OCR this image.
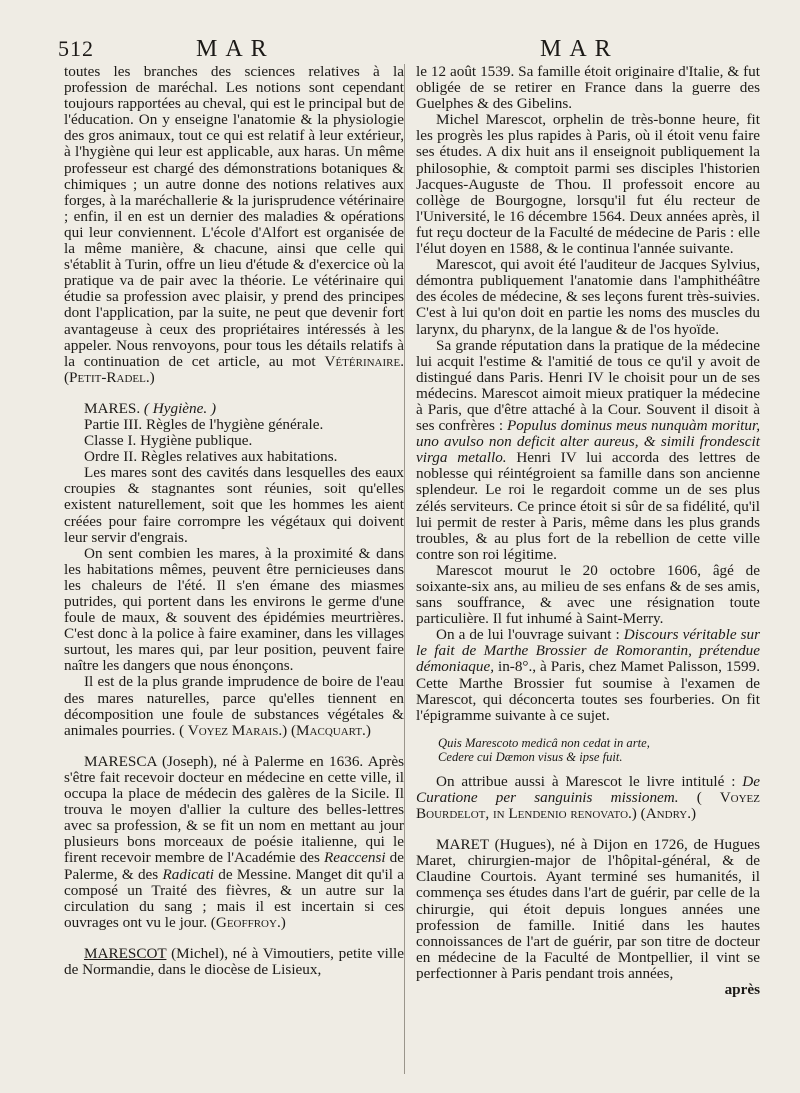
512	MAR	MAR

toutes les branches des sciences relatives à la profession de maréchal. Les notions sont cependant toujours rapportées au cheval, qui est le principal but de l'éducation. On y enseigne l'anatomie & la physiologie des gros animaux, tout ce qui est relatif à leur extérieur, à l'hygiène qui leur est applicable, aux haras. Un même professeur est chargé des démonstrations botaniques & chimiques ; un autre donne des notions relatives aux forges, à la maréchallerie & la jurisprudence vétérinaire ; enfin, il en est un dernier des maladies & opérations qui leur conviennent. L'école d'Alfort est organisée de la même manière, & chacune, ainsi que celle qui s'établit à Turin, offre un lieu d'étude & d'exercice où la pratique va de pair avec la théorie. Le vétérinaire qui étudie sa profession avec plaisir, y prend des principes dont l'application, par la suite, ne peut que devenir fort avantageuse à ceux des propriétaires intéressés à les appeler. Nous renvoyons, pour tous les détails relatifs à la continuation de cet article, au mot Vétérinaire. (Petit-Radel.)

MARES. ( Hygiène. )

Partie III. Règles de l'hygiène générale.

Classe I. Hygiène publique.

Ordre II. Règles relatives aux habitations.

Les mares sont des cavités dans lesquelles des eaux croupies & stagnantes sont réunies, soit qu'elles existent naturellement, soit que les hommes les aient créées pour faire corrompre les végétaux qui doivent leur servir d'engrais.

On sent combien les mares, à la proximité & dans les habitations mêmes, peuvent être pernicieuses dans les chaleurs de l'été. Il s'en émane des miasmes putrides, qui portent dans les environs le germe d'une foule de maux, & souvent des épidémies meurtrières. C'est donc à la police à faire examiner, dans les villages surtout, les mares qui, par leur position, peuvent faire naître les dangers que nous énonçons.

Il est de la plus grande imprudence de boire de l'eau des mares naturelles, parce qu'elles tiennent en décomposition une foule de substances végétales & animales pourries. ( Voyez Marais.) (Macquart.)

MARESCA (Joseph), né à Palerme en 1636. Après s'être fait recevoir docteur en médecine en cette ville, il occupa la place de médecin des galères de la Sicile. Il trouva le moyen d'allier la culture des belles-lettres avec sa profession, & se fit un nom en mettant au jour plusieurs bons morceaux de poésie italienne, qui le firent recevoir membre de l'Académie des Reaccensi de Palerme, & des Radicati de Messine. Manget dit qu'il a composé un Traité des fièvres, & un autre sur la circulation du sang ; mais il est incertain si ces ouvrages ont vu le jour. (Geoffroy.)

MARESCOT (Michel), né à Vimoutiers, petite ville de Normandie, dans le diocèse de Lisieux,

le 12 août 1539. Sa famille étoit originaire d'Italie, & fut obligée de se retirer en France dans la guerre des Guelphes & des Gibelins.

Michel Marescot, orphelin de très-bonne heure, fit les progrès les plus rapides à Paris, où il étoit venu faire ses études. A dix huit ans il enseignoit publiquement la philosophie, & comptoit parmi ses disciples l'historien Jacques-Auguste de Thou. Il professoit encore au collège de Bourgogne, lorsqu'il fut élu recteur de l'Université, le 16 décembre 1564. Deux années après, il fut reçu docteur de la Faculté de médecine de Paris : elle l'élut doyen en 1588, & le continua l'année suivante.

Marescot, qui avoit été l'auditeur de Jacques Sylvius, démontra publiquement l'anatomie dans l'amphithéâtre des écoles de médecine, & ses leçons furent très-suivies. C'est à lui qu'on doit en partie les noms des muscles du larynx, du pharynx, de la langue & de l'os hyoïde.

Sa grande réputation dans la pratique de la médecine lui acquit l'estime & l'amitié de tous ce qu'il y avoit de distingué dans Paris. Henri IV le choisit pour un de ses médecins. Marescot aimoit mieux pratiquer la médecine à Paris, que d'être attaché à la Cour. Souvent il disoit à ses confrères : Populus dominus meus nunquàm moritur, uno avulso non deficit alter aureus, & simili frondescit virga metallo. Henri IV lui accorda des lettres de noblesse qui réintégroient sa famille dans son ancienne splendeur. Le roi le regardoit comme un de ses plus zélés serviteurs. Ce prince étoit si sûr de sa fidélité, qu'il lui permit de rester à Paris, même dans les plus grands troubles, & au plus fort de la rebellion de cette ville contre son roi légitime.

Marescot mourut le 20 octobre 1606, âgé de soixante-six ans, au milieu de ses enfans & de ses amis, sans souffrance, & avec une résignation toute particulière. Il fut inhumé à Saint-Merry.

On a de lui l'ouvrage suivant : Discours véritable sur le fait de Marthe Brossier de Romorantin, prétendue démoniaque, in-8°., à Paris, chez Mamet Palisson, 1599. Cette Marthe Brossier fut soumise à l'examen de Marescot, qui déconcerta toutes ses fourberies. On fit l'épigramme suivante à ce sujet.

Quis Marescoto medicâ non cedat in arte,
Cedere cui Dæmon visus & ipse fuit.

On attribue aussi à Marescot le livre intitulé : De Curatione per sanguinis missionem. ( Voyez Bourdelot, in Lendenio renovato.) (Andry.)

MARET (Hugues), né à Dijon en 1726, de Hugues Maret, chirurgien-major de l'hôpital-général, & de Claudine Courtois. Ayant terminé ses humanités, il commença ses études dans l'art de guérir, par celle de la chirurgie, qui étoit depuis longues années une profession de famille. Initié dans les hautes connoissances de l'art de guérir, par son titre de docteur en médecine de la Faculté de Montpellier, il vint se perfectionner à Paris pendant trois années,

après
